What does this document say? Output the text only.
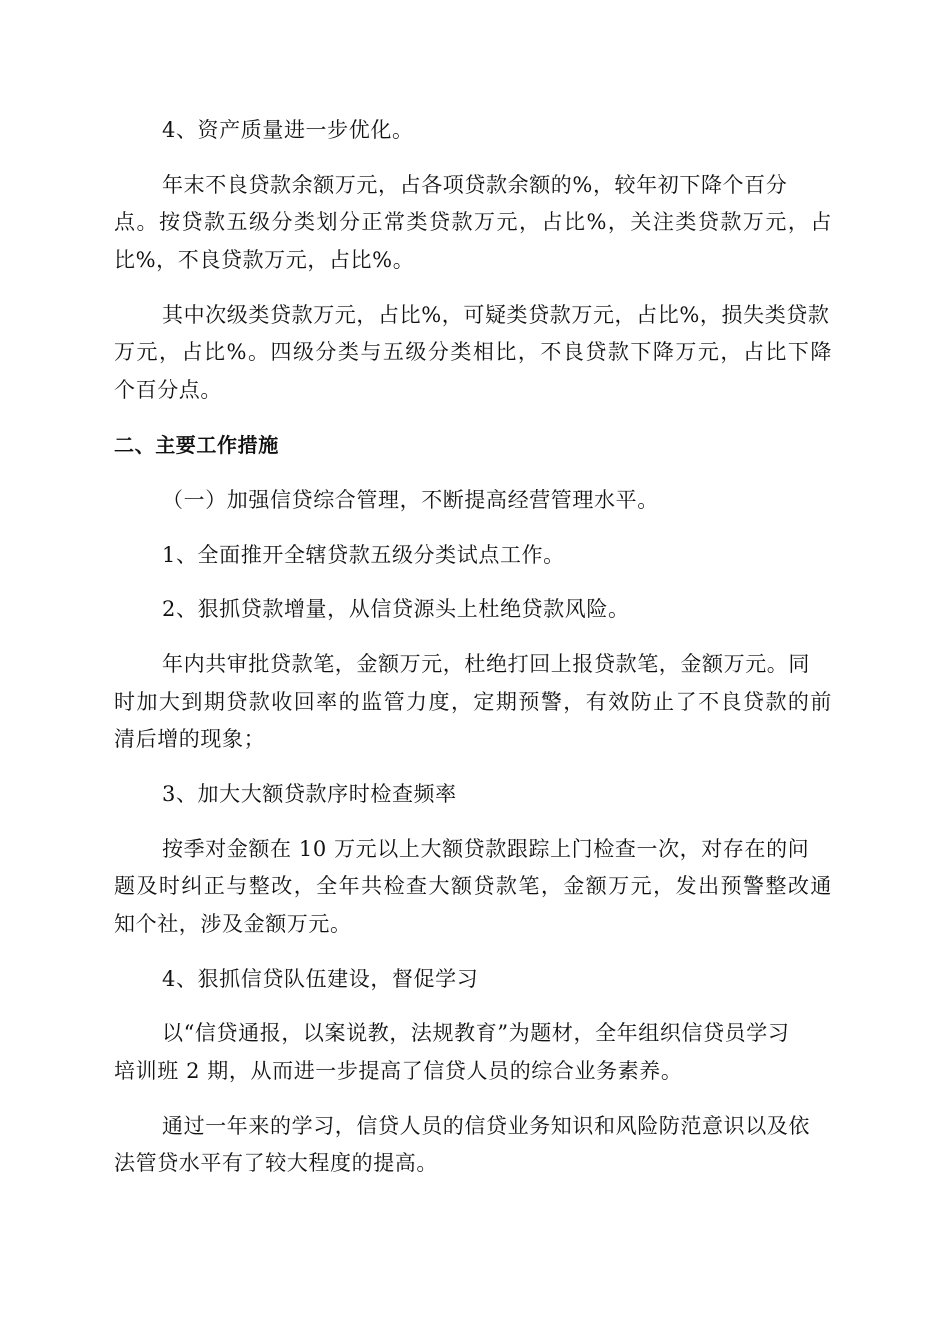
4、资产质量进一步优化。
年末不良贷款余额万元，占各项贷款余额的%，较年初下降个百分
点。按贷款五级分类划分正常类贷款万元，占比%，关注类贷款万元，占
比%，不良贷款万元，占比%。
其中次级类贷款万元，占比%，可疑类贷款万元，占比%，损失类贷款
万元，占比%。四级分类与五级分类相比，不良贷款下降万元，占比下降
个百分点。
二、主要工作措施
（一）加强信贷综合管理，不断提高经营管理水平。
1、全面推开全辖贷款五级分类试点工作。
2、狠抓贷款增量，从信贷源头上杜绝贷款风险。
年内共审批贷款笔，金额万元，杜绝打回上报贷款笔，金额万元。同
时加大到期贷款收回率的监管力度，定期预警，有效防止了不良贷款的前
清后增的现象；
3、加大大额贷款序时检查频率
按季对金额在 10 万元以上大额贷款跟踪上门检查一次，对存在的问
题及时纠正与整改，全年共检查大额贷款笔，金额万元，发出预警整改通
知个社，涉及金额万元。
4、狠抓信贷队伍建设，督促学习
以“信贷通报，以案说教，法规教育”为题材，全年组织信贷员学习
培训班 2 期，从而进一步提高了信贷人员的综合业务素养。
通过一年来的学习，信贷人员的信贷业务知识和风险防范意识以及依
法管贷水平有了较大程度的提高。
